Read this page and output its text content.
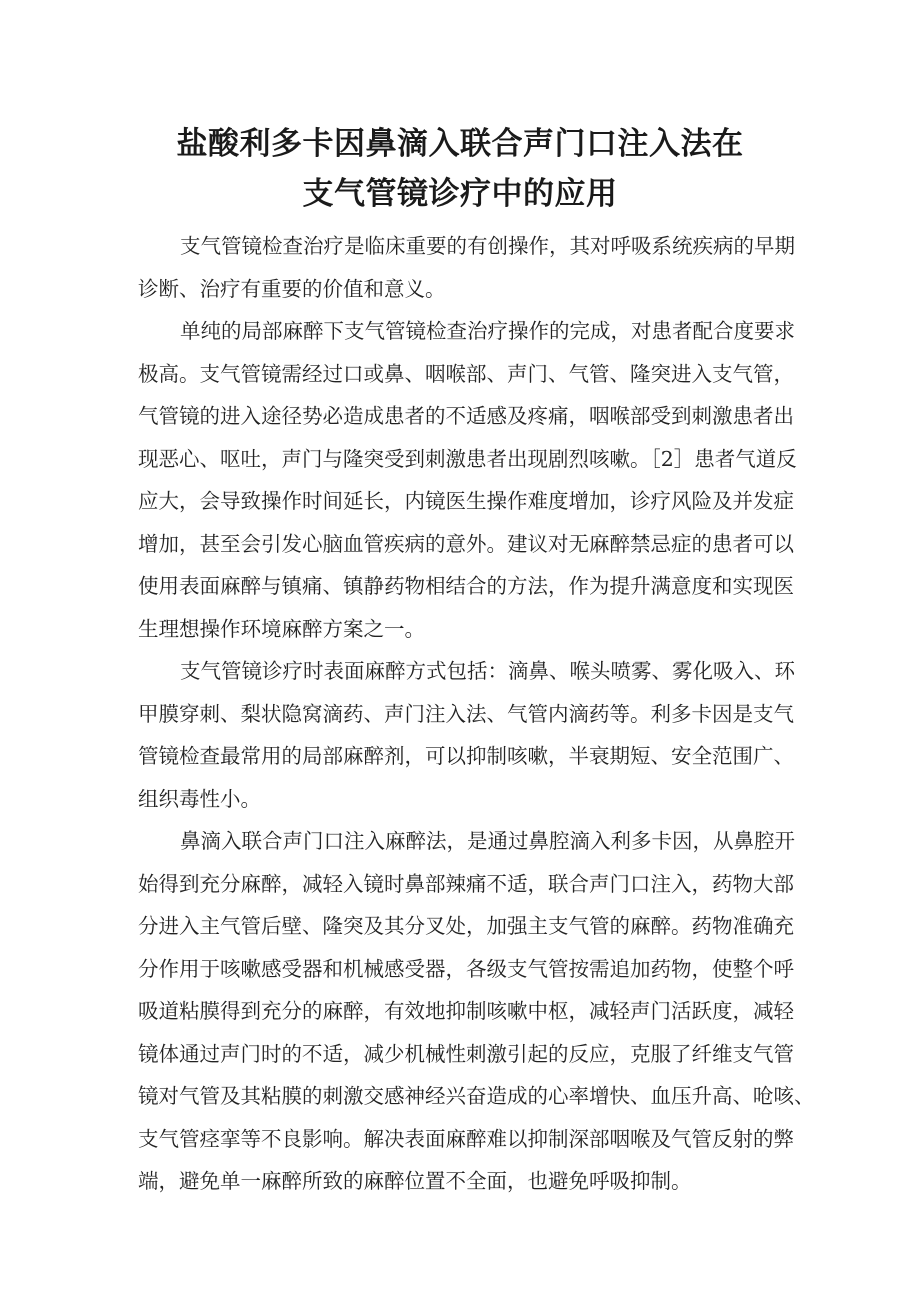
盐酸利多卡因鼻滴入联合声门口注入法在
支气管镜诊疗中的应用
支气管镜检查治疗是临床重要的有创操作，其对呼吸系统疾病的早期
诊断、治疗有重要的价值和意义。
单纯的局部麻醉下支气管镜检查治疗操作的完成，对患者配合度要求
极高。支气管镜需经过口或鼻、咽喉部、声门、气管、隆突进入支气管，
气管镜的进入途径势必造成患者的不适感及疼痛，咽喉部受到刺激患者出
现恶心、呕吐，声门与隆突受到刺激患者出现剧烈咳嗽。［2］患者气道反
应大，会导致操作时间延长，内镜医生操作难度增加，诊疗风险及并发症
增加，甚至会引发心脑血管疾病的意外。建议对无麻醉禁忌症的患者可以
使用表面麻醉与镇痛、镇静药物相结合的方法，作为提升满意度和实现医
生理想操作环境麻醉方案之一。
支气管镜诊疗时表面麻醉方式包括：滴鼻、喉头喷雾、雾化吸入、环
甲膜穿刺、梨状隐窝滴药、声门注入法、气管内滴药等。利多卡因是支气
管镜检查最常用的局部麻醉剂，可以抑制咳嗽，半衰期短、安全范围广、
组织毒性小。
鼻滴入联合声门口注入麻醉法，是通过鼻腔滴入利多卡因，从鼻腔开
始得到充分麻醉，减轻入镜时鼻部辣痛不适，联合声门口注入，药物大部
分进入主气管后壁、隆突及其分叉处，加强主支气管的麻醉。药物准确充
分作用于咳嗽感受器和机械感受器，各级支气管按需追加药物，使整个呼
吸道粘膜得到充分的麻醉，有效地抑制咳嗽中枢，减轻声门活跃度，减轻
镜体通过声门时的不适，减少机械性刺激引起的反应，克服了纤维支气管
镜对气管及其粘膜的刺激交感神经兴奋造成的心率增快、血压升高、呛咳、
支气管痉挛等不良影响。解决表面麻醉难以抑制深部咽喉及气管反射的弊
端，避免单一麻醉所致的麻醉位置不全面，也避免呼吸抑制。
